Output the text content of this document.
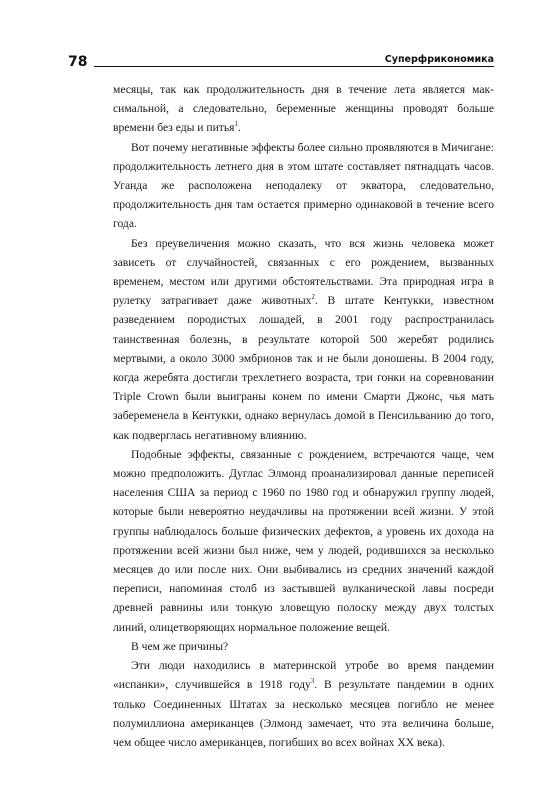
78	Суперфрикономика

месяцы, так как продолжительность дня в течение лета является максимальной, а следовательно, беременные женщины проводят больше времени без еды и питья$^1$.

Вот почему негативные эффекты более сильно проявляются в Мичигане: продолжительность летнего дня в этом штате составляет пятнадцать часов. Уганда же расположена неподалеку от экватора, следовательно, продолжительность дня там остается примерно одинаковой в течение всего года.

Без преувеличения можно сказать, что вся жизнь человека может зависеть от случайностей, связанных с его рождением, вызванных временем, местом или другими обстоятельствами. Эта природная игра в рулетку затрагивает даже животных$^2$. В штате Кентукки, известном разведением породистых лошадей, в 2001 году распространилась таинственная болезнь, в результате которой 500 жеребят родились мертвыми, а около 3000 эмбрионов так и не были доношены. В 2004 году, когда жеребята достигли трехлетнего возраста, три гонки на соревновании Triple Crown были выиграны конем по имени Смарти Джонс, чья мать забеременела в Кентукки, однако вернулась домой в Пенсильванию до того, как подверглась негативному влиянию.

Подобные эффекты, связанные с рождением, встречаются чаще, чем можно предположить. Дуглас Элмонд проанализировал данные переписей населения США за период с 1960 по 1980 год и обнаружил группу людей, которые были невероятно неудачливы на протяжении всей жизни. У этой группы наблюдалось больше физических дефектов, а уровень их дохода на протяжении всей жизни был ниже, чем у людей, родившихся за несколько месяцев до или после них. Они выбивались из средних значений каждой переписи, напоминая столб из застывшей вулканической лавы посреди древней равнины или тонкую зловещую полоску между двух толстых линий, олицетворяющих нормальное положение вещей.

В чем же причины?

Эти люди находились в материнской утробе во время пандемии «испанки», случившейся в 1918 году$^3$. В результате пандемии в одних только Соединенных Штатах за несколько месяцев погибло не менее полумиллиона американцев (Элмонд замечает, что эта величина больше, чем общее число американцев, погибших во всех войнах XX века).
